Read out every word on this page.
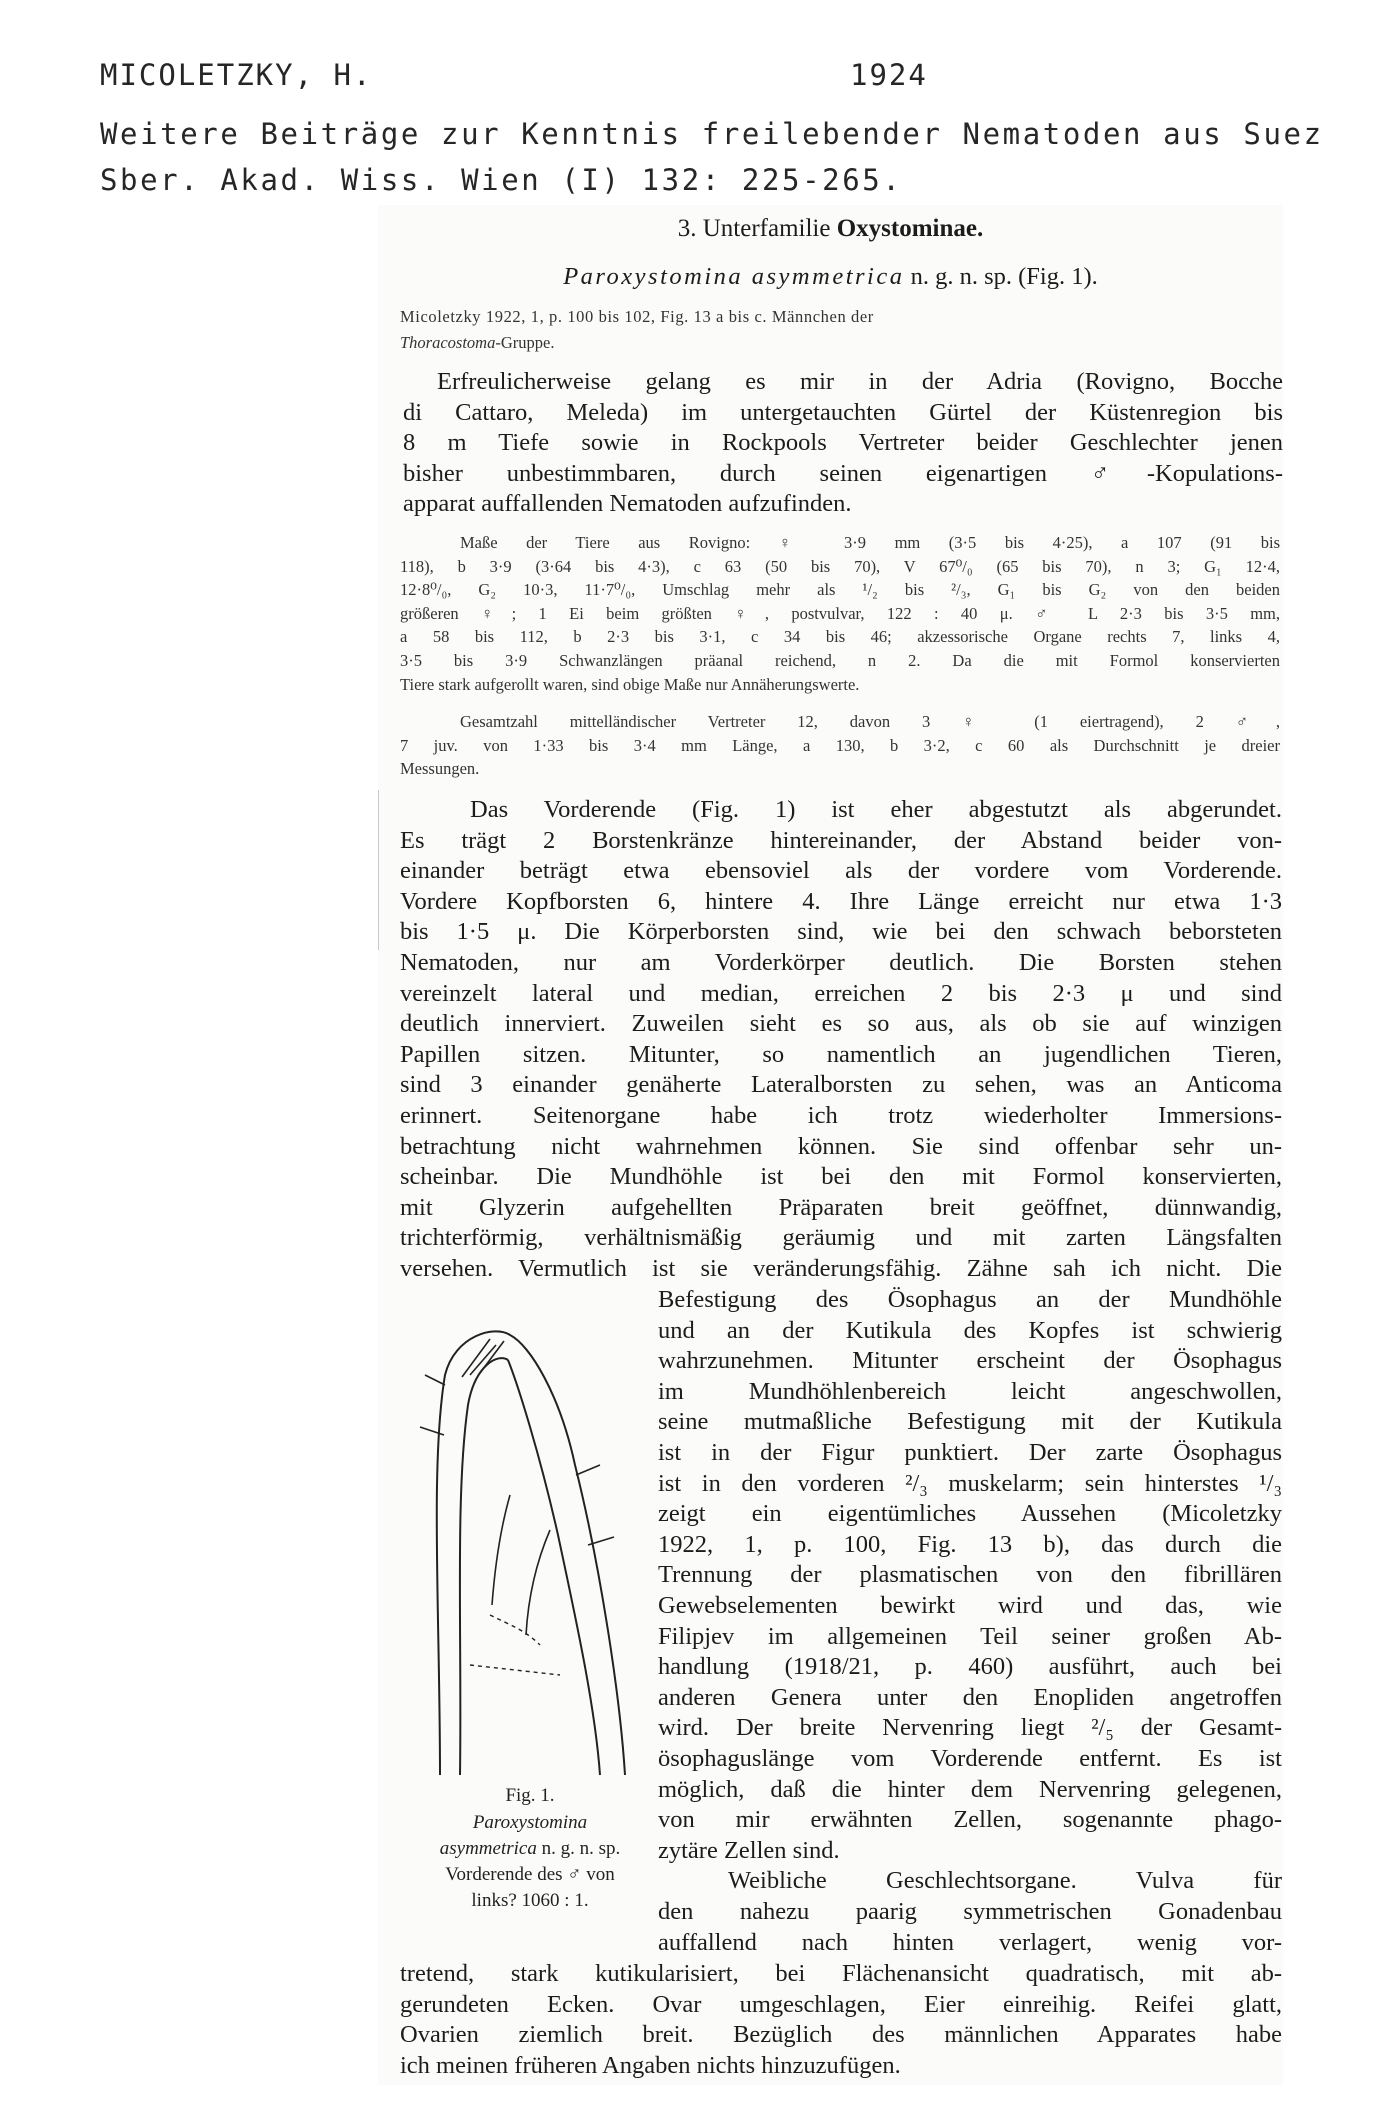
MICOLETZKY, H.	1924
Weitere Beiträge zur Kenntnis freilebender Nematoden aus Suez
Sber. Akad. Wiss. Wien (I) 132: 225-265.
3. Unterfamilie Oxystominae.
Paroxystomina asymmetrica n. g. n. sp. (Fig. 1).
Micoletzky 1922, 1, p. 100 bis 102, Fig. 13 a bis c. Männchen der
Thoracostoma-Gruppe.
Erfreulicherweise gelang es mir in der Adria (Rovigno, Bocche
di Cattaro, Meleda) im untergetauchten Gürtel der Küstenregion bis
8 m Tiefe sowie in Rockpools Vertreter beider Geschlechter jenen
bisher unbestimmbaren, durch seinen eigenartigen ♂-Kopulations-
apparat auffallenden Nematoden aufzufinden.
Maße der Tiere aus Rovigno: ♀ 3·9 mm (3·5 bis 4·25), a 107 (91 bis
118), b 3·9 (3·64 bis 4·3), c 63 (50 bis 70), V 67⁰/₀ (65 bis 70), n 3; G₁ 12·4,
12·8⁰/₀, G₂ 10·3, 11·7⁰/₀, Umschlag mehr als ¹/₂ bis ²/₃, G₁ bis G₂ von den beiden
größeren ♀; 1 Ei beim größten ♀, postvulvar, 122 : 40 μ. ♂ L 2·3 bis 3·5 mm,
a 58 bis 112, b 2·3 bis 3·1, c 34 bis 46; akzessorische Organe rechts 7, links 4,
3·5 bis 3·9 Schwanzlängen präanal reichend, n 2. Da die mit Formol konservierten
Tiere stark aufgerollt waren, sind obige Maße nur Annäherungswerte.
Gesamtzahl mittelländischer Vertreter 12, davon 3 ♀ (1 eiertragend), 2 ♂,
7 juv. von 1·33 bis 3·4 mm Länge, a 130, b 3·2, c 60 als Durchschnitt je dreier
Messungen.
Das Vorderende (Fig. 1) ist eher abgestutzt als abgerundet.
Es trägt 2 Borstenkränze hintereinander, der Abstand beider von-
einander beträgt etwa ebensoviel als der vordere vom Vorderende.
Vordere Kopfborsten 6, hintere 4. Ihre Länge erreicht nur etwa 1·3
bis 1·5 μ. Die Körperborsten sind, wie bei den schwach beborsteten
Nematoden, nur am Vorderkörper deutlich. Die Borsten stehen
vereinzelt lateral und median, erreichen 2 bis 2·3 μ und sind
deutlich innerviert. Zuweilen sieht es so aus, als ob sie auf winzigen
Papillen sitzen. Mitunter, so namentlich an jugendlichen Tieren,
sind 3 einander genäherte Lateralborsten zu sehen, was an Anticoma
erinnert. Seitenorgane habe ich trotz wiederholter Immersions-
betrachtung nicht wahrnehmen können. Sie sind offenbar sehr un-
scheinbar. Die Mundhöhle ist bei den mit Formol konservierten,
mit Glyzerin aufgehellten Präparaten breit geöffnet, dünnwandig,
trichterförmig, verhältnismäßig geräumig und mit zarten Längsfalten
versehen. Vermutlich ist sie veränderungsfähig. Zähne sah ich nicht. Die
Befestigung des Ösophagus an der Mundhöhle
und an der Kutikula des Kopfes ist schwierig
wahrzunehmen. Mitunter erscheint der Ösophagus
im Mundhöhlenbereich leicht angeschwollen,
seine mutmaßliche Befestigung mit der Kutikula
ist in der Figur punktiert. Der zarte Ösophagus
ist in den vorderen ²/₃ muskelarm; sein hinterstes ¹/₃
zeigt ein eigentümliches Aussehen (Micoletzky
1922, 1, p. 100, Fig. 13 b), das durch die
Trennung der plasmatischen von den fibrillären
Gewebselementen bewirkt wird und das, wie
Filipjev im allgemeinen Teil seiner großen Ab-
handlung (1918/21, p. 460) ausführt, auch bei
anderen Genera unter den Enopliden angetroffen
wird. Der breite Nervenring liegt ²/₅ der Gesamt-
ösophaguslänge vom Vorderende entfernt. Es ist
möglich, daß die hinter dem Nervenring gelegenen,
von mir erwähnten Zellen, sogenannte phago-
zytäre Zellen sind.
Weibliche Geschlechtsorgane. Vulva für
den nahezu paarig symmetrischen Gonadenbau
auffallend nach hinten verlagert, wenig vor-
tretend, stark kutikularisiert, bei Flächenansicht quadratisch, mit ab-
gerundeten Ecken. Ovar umgeschlagen, Eier einreihig. Reifei glatt,
Ovarien ziemlich breit. Bezüglich des männlichen Apparates habe
ich meinen früheren Angaben nichts hinzuzufügen.
Fig. 1.
Paroxystomina
asymmetrica n. g. n. sp.
Vorderende des ♂ von
links? 1060 : 1.
